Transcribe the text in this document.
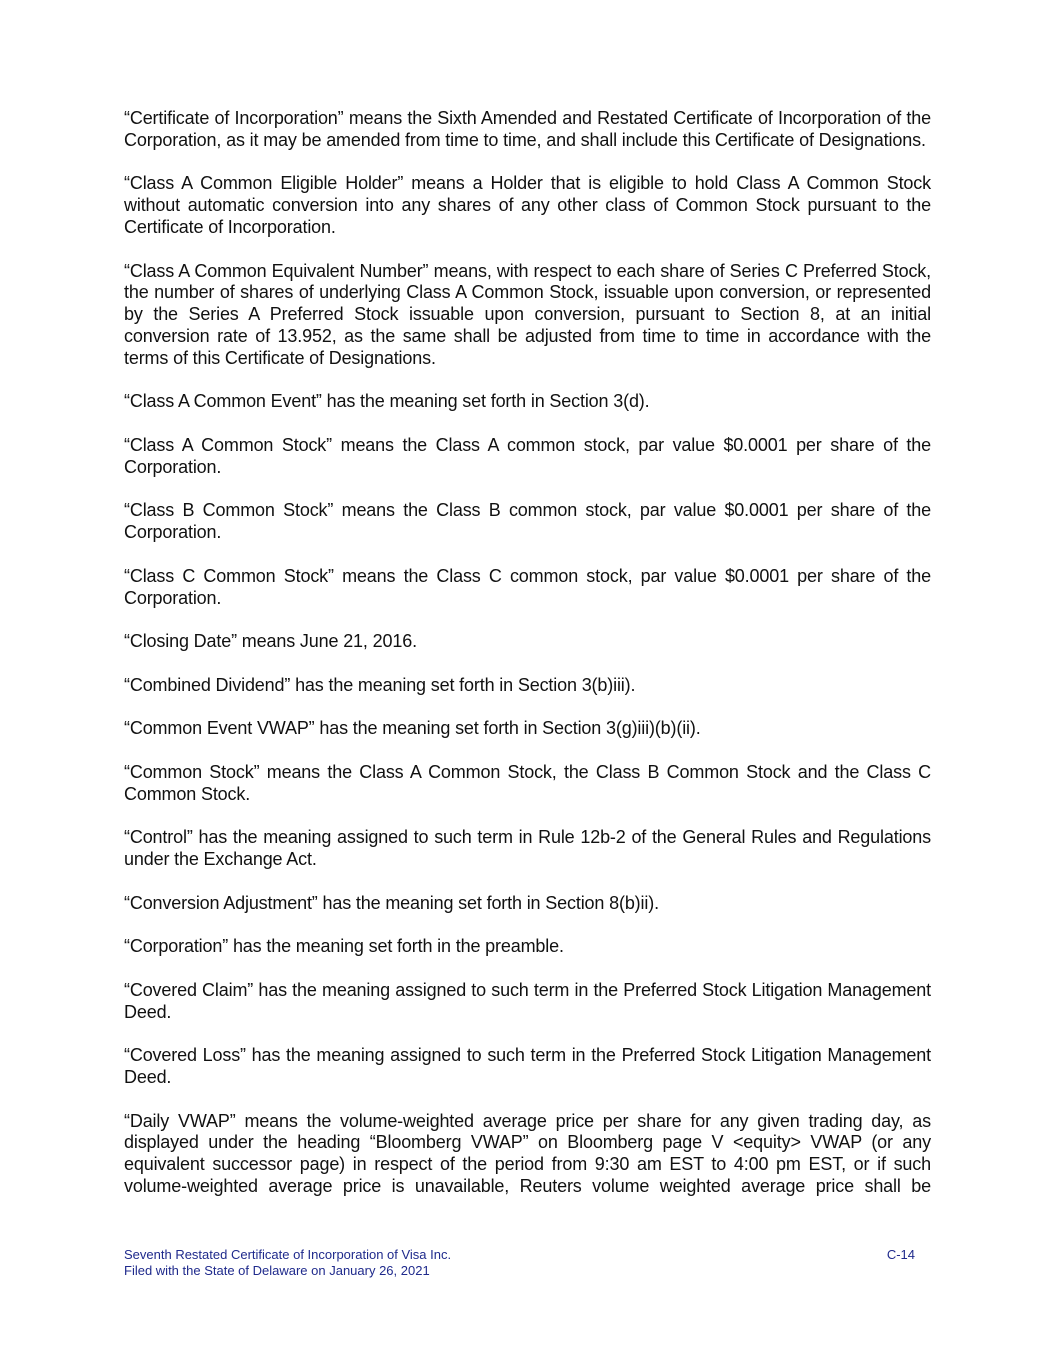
“Certificate of Incorporation” means the Sixth Amended and Restated Certificate of Incorporation of the Corporation, as it may be amended from time to time, and shall include this Certificate of Designations.

“Class A Common Eligible Holder” means a Holder that is eligible to hold Class A Common Stock without automatic conversion into any shares of any other class of Common Stock pursuant to the Certificate of Incorporation.

“Class A Common Equivalent Number” means, with respect to each share of Series C Preferred Stock, the number of shares of underlying Class A Common Stock, issuable upon conversion, or represented by the Series A Preferred Stock issuable upon conversion, pursuant to Section 8, at an initial conversion rate of 13.952, as the same shall be adjusted from time to time in accordance with the terms of this Certificate of Designations.

“Class A Common Event” has the meaning set forth in Section 3(d).

“Class A Common Stock” means the Class A common stock, par value $0.0001 per share of the Corporation.

“Class B Common Stock” means the Class B common stock, par value $0.0001 per share of the Corporation.

“Class C Common Stock” means the Class C common stock, par value $0.0001 per share of the Corporation.

“Closing Date” means June 21, 2016.

“Combined Dividend” has the meaning set forth in Section 3(b)iii).

“Common Event VWAP” has the meaning set forth in Section 3(g)iii)(b)(ii).

“Common Stock” means the Class A Common Stock, the Class B Common Stock and the Class C Common Stock.

“Control” has the meaning assigned to such term in Rule 12b-2 of the General Rules and Regulations under the Exchange Act.

“Conversion Adjustment” has the meaning set forth in Section 8(b)ii).

“Corporation” has the meaning set forth in the preamble.

“Covered Claim” has the meaning assigned to such term in the Preferred Stock Litigation Management Deed.

“Covered Loss” has the meaning assigned to such term in the Preferred Stock Litigation Management Deed.

“Daily VWAP” means the volume-weighted average price per share for any given trading day, as displayed under the heading “Bloomberg VWAP” on Bloomberg page V <equity> VWAP (or any equivalent successor page) in respect of the period from 9:30 am EST to 4:00 pm EST, or if such volume-weighted average price is unavailable, Reuters volume weighted average price shall be

Seventh Restated Certificate of Incorporation of Visa Inc.	C-14
Filed with the State of Delaware on January 26, 2021
